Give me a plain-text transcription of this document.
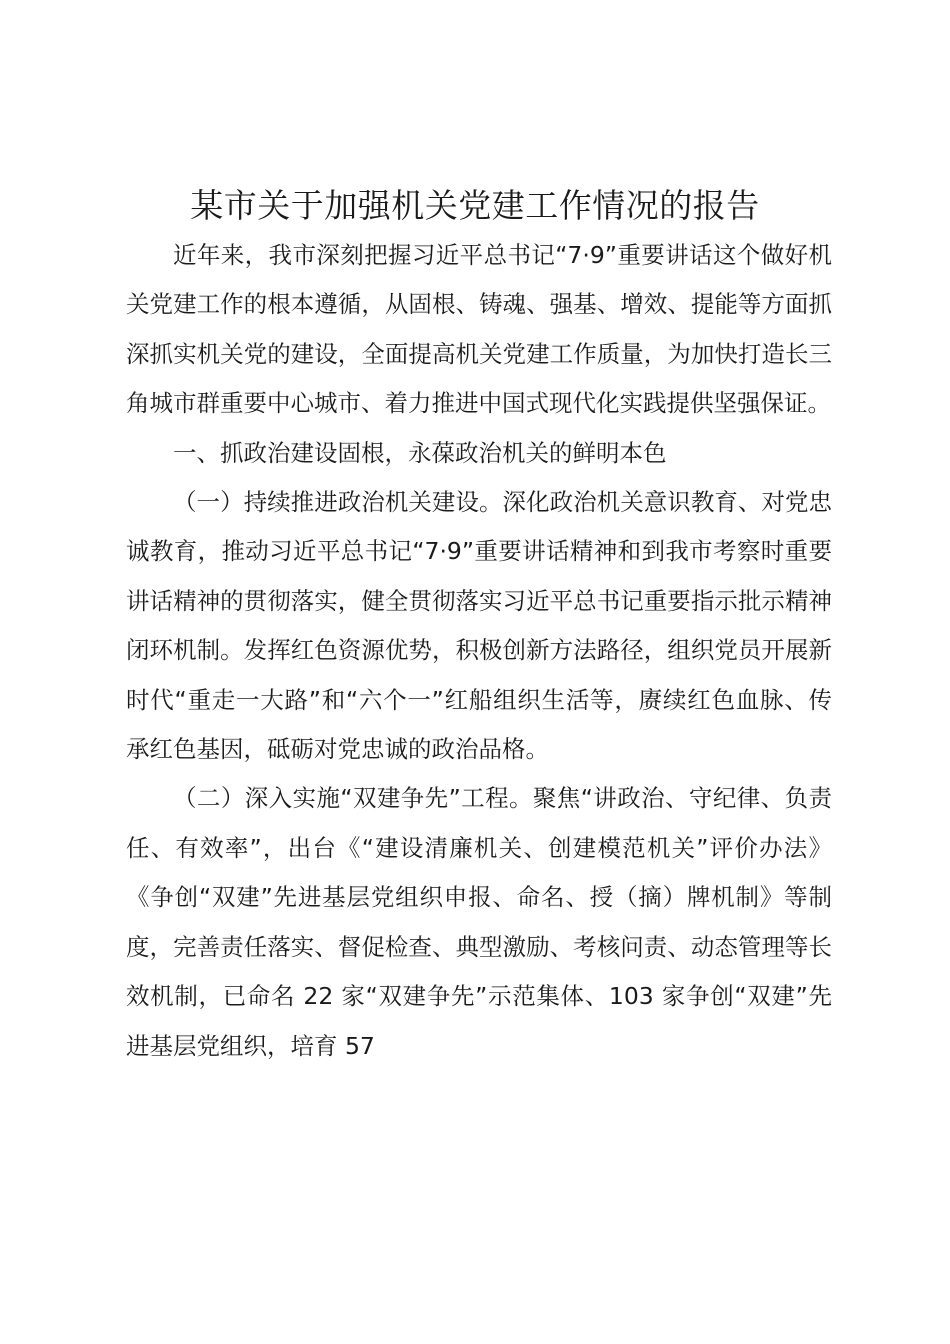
某市关于加强机关党建工作情况的报告

近年来，我市深刻把握习近平总书记“7·9”重要讲话这个做好机关党建工作的根本遵循，从固根、铸魂、强基、增效、提能等方面抓深抓实机关党的建设，全面提高机关党建工作质量，为加快打造长三角城市群重要中心城市、着力推进中国式现代化实践提供坚强保证。

一、抓政治建设固根，永葆政治机关的鲜明本色

（一）持续推进政治机关建设。深化政治机关意识教育、对党忠诚教育，推动习近平总书记“7·9”重要讲话精神和到我市考察时重要讲话精神的贯彻落实，健全贯彻落实习近平总书记重要指示批示精神闭环机制。发挥红色资源优势，积极创新方法路径，组织党员开展新时代“重走一大路”和“六个一”红船组织生活等，赓续红色血脉、传承红色基因，砥砺对党忠诚的政治品格。

（二）深入实施“双建争先”工程。聚焦“讲政治、守纪律、负责任、有效率”，出台《“建设清廉机关、创建模范机关”评价办法》《争创“双建”先进基层党组织申报、命名、授（摘）牌机制》等制度，完善责任落实、督促检查、典型激励、考核问责、动态管理等长效机制，已命名 22 家“双建争先”示范集体、103 家争创“双建”先进基层党组织，培育 57
